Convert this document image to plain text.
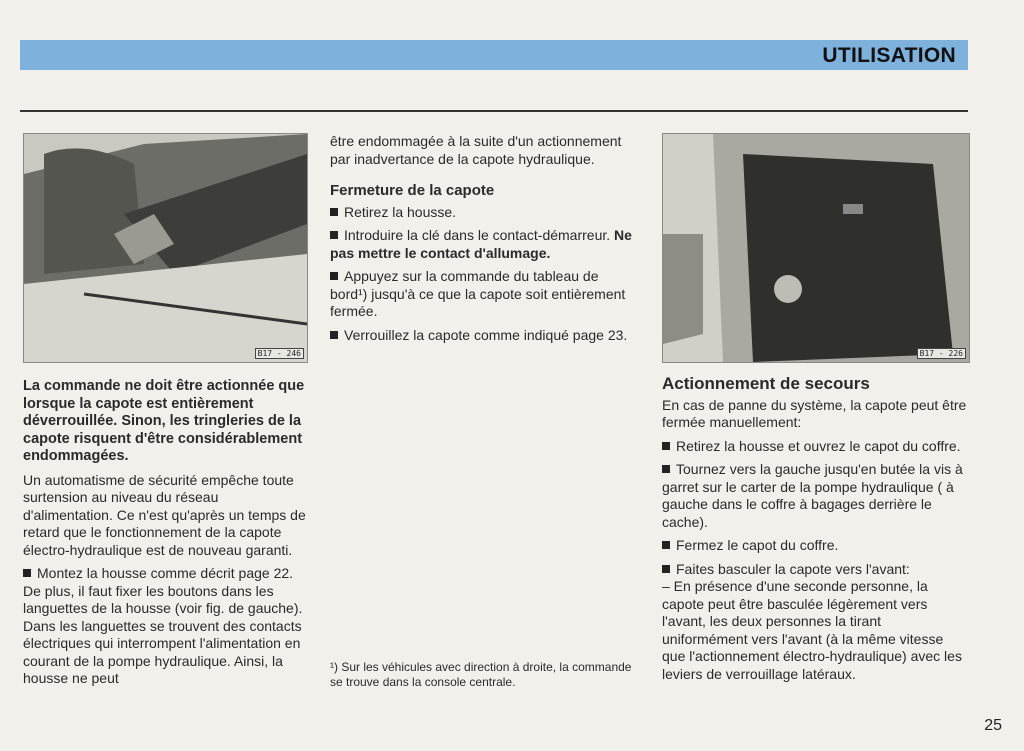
UTILISATION
B17 - 246
La commande ne doit être actionnée que lorsque la capote est entièrement déverrouillée. Sinon, les tringleries de la capote risquent d'être considérablement endommagées.

Un automatisme de sécurité empêche toute surtension au niveau du réseau d'alimentation. Ce n'est qu'après un temps de retard que le fonctionnement de la capote électro-hydraulique est de nouveau garanti.

Montez la housse comme décrit page 22. De plus, il faut fixer les boutons dans les languettes de la housse (voir fig. de gauche). Dans les languettes se trouvent des contacts électriques qui interrompent l'alimentation en courant de la pompe hydraulique. Ainsi, la housse ne peut

être endommagée à la suite d'un actionnement par inadvertance de la capote hydraulique.

Fermeture de la capote

Retirez la housse.

Introduire la clé dans le contact-démarreur. Ne pas mettre le contact d'allumage.

Appuyez sur la commande du tableau de bord¹) jusqu'à ce que la capote soit entièrement fermée.

Verrouillez la capote comme indiqué page 23.

¹) Sur les véhicules avec direction à droite, la commande se trouve dans la console centrale.
B17 - 226
Actionnement de secours

En cas de panne du système, la capote peut être fermée manuellement:

Retirez la housse et ouvrez le capot du coffre.

Tournez vers la gauche jusqu'en butée la vis à garret sur le carter de la pompe hydraulique ( à gauche dans le coffre à bagages derrière le cache).

Fermez le capot du coffre.

Faites basculer la capote vers l'avant:

– En présence d'une seconde personne, la capote peut être basculée légèrement vers l'avant, les deux personnes la tirant uniformément vers l'avant (à la même vitesse que l'actionnement électro-hydraulique) avec les leviers de verrouillage latéraux.

25
